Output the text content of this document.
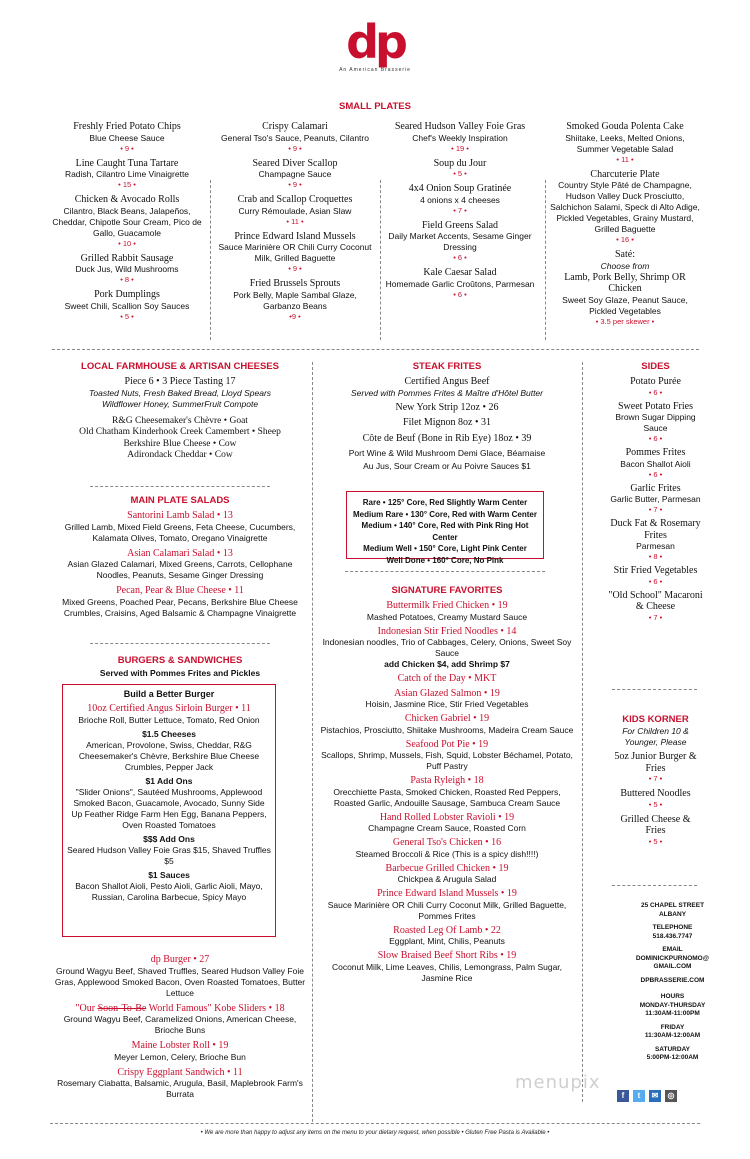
dp
An American Brasserie
SMALL PLATES
Freshly Fried Potato Chips
Blue Cheese Sauce
• 9 •
Line Caught Tuna Tartare
Radish, Cilantro Lime Vinaigrette
• 15 •
Chicken & Avocado Rolls
Cilantro, Black Beans, Jalapeños, Cheddar, Chipotle Sour Cream, Pico de Gallo, Guacamole
• 10 •
Grilled Rabbit Sausage
Duck Jus, Wild Mushrooms
• 8 •
Pork Dumplings
Sweet Chili, Scallion Soy Sauces
• 5 •
Crispy Calamari
General Tso's Sauce, Peanuts, Cilantro
• 9 •
Seared Diver Scallop
Champagne Sauce
• 9 •
Crab and Scallop Croquettes
Curry Rémoulade, Asian Slaw
• 11 •
Prince Edward Island Mussels
Sauce Marinière OR Chili Curry Coconut Milk, Grilled Baguette
• 9 •
Fried Brussels Sprouts
Pork Belly, Maple Sambal Glaze, Garbanzo Beans
•9 •
Seared Hudson Valley Foie Gras
Chef's Weekly Inspiration
• 19 •
Soup du Jour
• 5 •
4x4 Onion Soup Gratinée
4 onions x 4 cheeses
• 7 •
Field Greens Salad
Daily Market Accents, Sesame Ginger Dressing
• 6 •
Kale Caesar Salad
Homemade Garlic Croûtons, Parmesan
• 6 •
Smoked Gouda Polenta Cake
Shiitake, Leeks, Melted Onions, Summer Vegetable Salad
• 11 •
Charcuterie Plate
Country Style Pâté de Champagne, Hudson Valley Duck Prosciutto, Salchichon Salami, Speck di Alto Adige, Pickled Vegetables, Grainy Mustard, Grilled Baguette
• 16 •
Saté:
Choose from
Lamb, Pork Belly, Shrimp OR Chicken
Sweet Soy Glaze, Peanut Sauce, Pickled Vegetables
• 3.5 per skewer •
LOCAL FARMHOUSE & ARTISAN CHEESES
Piece 6 • 3 Piece Tasting 17
Toasted Nuts, Fresh Baked Bread, Lloyd Spears Wildflower Honey, SummerFruit Compote
R&G Cheesemaker's Chèvre • Goat
Old Chatham Kinderhook Creek Camembert • Sheep
Berkshire Blue Cheese • Cow
Adirondack Cheddar • Cow
MAIN PLATE SALADS
Santorini Lamb Salad • 13
Grilled Lamb, Mixed Field Greens, Feta Cheese, Cucumbers, Kalamata Olives, Tomato, Oregano Vinaigrette
Asian Calamari Salad • 13
Asian Glazed Calamari, Mixed Greens, Carrots, Cellophane Noodles, Peanuts, Sesame Ginger Dressing
Pecan, Pear & Blue Cheese • 11
Mixed Greens, Poached Pear, Pecans, Berkshire Blue Cheese Crumbles, Craisins, Aged Balsamic & Champagne Vinaigrette
BURGERS & SANDWICHES
Served with Pommes Frites and Pickles
Build a Better Burger
10oz Certified Angus Sirloin Burger • 11
Brioche Roll, Butter Lettuce, Tomato, Red Onion
$1.5 Cheeses
American, Provolone, Swiss, Cheddar, R&G Cheesemaker's Chèvre, Berkshire Blue Cheese Crumbles, Pepper Jack
$1 Add Ons
"Slider Onions", Sautéed Mushrooms, Applewood Smoked Bacon, Guacamole, Avocado, Sunny Side Up Feather Ridge Farm Hen Egg, Banana Peppers, Oven Roasted Tomatoes
$$$ Add Ons
Seared Hudson Valley Foie Gras $15, Shaved Truffles $5
$1 Sauces
Bacon Shallot Aioli, Pesto Aioli, Garlic Aioli, Mayo, Russian, Carolina Barbecue, Spicy Mayo
dp Burger • 27
Ground Wagyu Beef, Shaved Truffles, Seared Hudson Valley Foie Gras, Applewood Smoked Bacon, Oven Roasted Tomatoes, Butter Lettuce
"Our Soon-To-Be World Famous" Kobe Sliders • 18
Ground Wagyu Beef, Caramelized Onions, American Cheese, Brioche Buns
Maine Lobster Roll • 19
Meyer Lemon, Celery, Brioche Bun
Crispy Eggplant Sandwich • 11
Rosemary Ciabatta, Balsamic, Arugula, Basil, Maplebrook Farm's Burrata
STEAK FRITES
Certified Angus Beef
Served with Pommes Frites & Maître d'Hôtel Butter
New York Strip 12oz • 26
Filet Mignon 8oz • 31
Côte de Beuf (Bone in Rib Eye) 18oz • 39
Port Wine & Wild Mushroom Demi Glace, Béarnaise
Au Jus, Sour Cream or Au Poivre Sauces $1
Rare • 125° Core, Red Slightly Warm Center
Medium Rare • 130° Core, Red with Warm Center
Medium • 140° Core, Red with Pink Ring Hot Center
Medium Well • 150° Core, Light Pink Center
Well Done • 160° Core, No Pink
SIGNATURE FAVORITES
Buttermilk Fried Chicken • 19
Mashed Potatoes, Creamy Mustard Sauce
Indonesian Stir Fried Noodles • 14
Indonesian noodles, Trio of Cabbages, Celery, Onions, Sweet Soy Sauce
add Chicken $4, add Shrimp $7
Catch of the Day • MKT
Asian Glazed Salmon • 19
Hoisin, Jasmine Rice, Stir Fried Vegetables
Chicken Gabriel • 19
Pistachios, Prosciutto, Shiitake Mushrooms, Madeira Cream Sauce
Seafood Pot Pie • 19
Scallops, Shrimp, Mussels, Fish, Squid, Lobster Béchamel, Potato, Puff Pastry
Pasta Ryleigh • 18
Orecchiette Pasta, Smoked Chicken, Roasted Red Peppers, Roasted Garlic, Andouille Sausage, Sambuca Cream Sauce
Hand Rolled Lobster Ravioli • 19
Champagne Cream Sauce, Roasted Corn
General Tso's Chicken • 16
Steamed Broccoli & Rice (This is a spicy dish!!!!)
Barbecue Grilled Chicken • 19
Chickpea & Arugula Salad
Prince Edward Island Mussels • 19
Sauce Marinière OR Chili Curry Coconut Milk, Grilled Baguette, Pommes Frites
Roasted Leg Of Lamb • 22
Eggplant, Mint, Chilis, Peanuts
Slow Braised Beef Short Ribs • 19
Coconut Milk, Lime Leaves, Chilis, Lemongrass, Palm Sugar, Jasmine Rice
SIDES
Potato Purée
• 6 •
Sweet Potato Fries
Brown Sugar Dipping Sauce
• 6 •
Pommes Frites
Bacon Shallot Aioli
• 6 •
Garlic Frites
Garlic Butter, Parmesan
• 7 •
Duck Fat & Rosemary Frites
Parmesan
• 8 •
Stir Fried Vegetables
• 6 •
"Old School" Macaroni & Cheese
• 7 •
KIDS KORNER
For Children 10 & Younger, Please
5oz Junior Burger & Fries
• 7 •
Buttered Noodles
• 5 •
Grilled Cheese & Fries
• 5 •
25 CHAPEL STREET
ALBANY
TELEPHONE
518.436.7747
EMAIL
DOMINICKPURNOMO@ GMAIL.COM
DPBRASSERIE.COM
HOURS
MONDAY-THURSDAY
11:30AM-11:00PM
FRIDAY
11:30AM-12:00AM
SATURDAY
5:00PM-12:00AM
f	t	✉	◎
menupix
• We are more than happy to adjust any items on the menu to your dietary request, when possible • Gluten Free Pasta is Available •
